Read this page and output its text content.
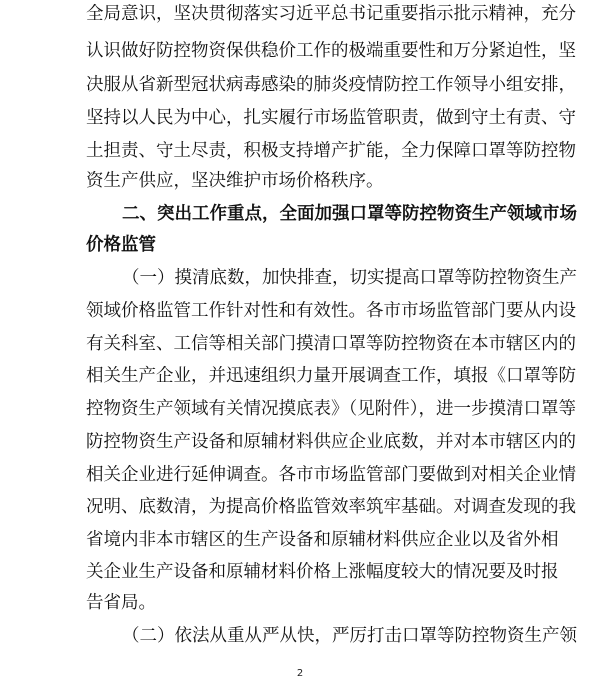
全局意识，坚决贯彻落实习近平总书记重要指示批示精神，充分
认识做好防控物资保供稳价工作的极端重要性和万分紧迫性，坚
决服从省新型冠状病毒感染的肺炎疫情防控工作领导小组安排，
坚持以人民为中心，扎实履行市场监管职责，做到守土有责、守
土担责、守土尽责，积极支持增产扩能，全力保障口罩等防控物
资生产供应，坚决维护市场价格秩序。
二、突出工作重点，全面加强口罩等防控物资生产领域市场
价格监管
（一）摸清底数，加快排查，切实提高口罩等防控物资生产
领域价格监管工作针对性和有效性。各市市场监管部门要从内设
有关科室、工信等相关部门摸清口罩等防控物资在本市辖区内的
相关生产企业，并迅速组织力量开展调查工作，填报《口罩等防
控物资生产领域有关情况摸底表》（见附件），进一步摸清口罩等
防控物资生产设备和原辅材料供应企业底数，并对本市辖区内的
相关企业进行延伸调查。各市市场监管部门要做到对相关企业情
况明、底数清，为提高价格监管效率筑牢基础。对调查发现的我
省境内非本市辖区的生产设备和原辅材料供应企业以及省外相
关企业生产设备和原辅材料价格上涨幅度较大的情况要及时报
告省局。
（二）依法从重从严从快，严厉打击口罩等防控物资生产领
2
